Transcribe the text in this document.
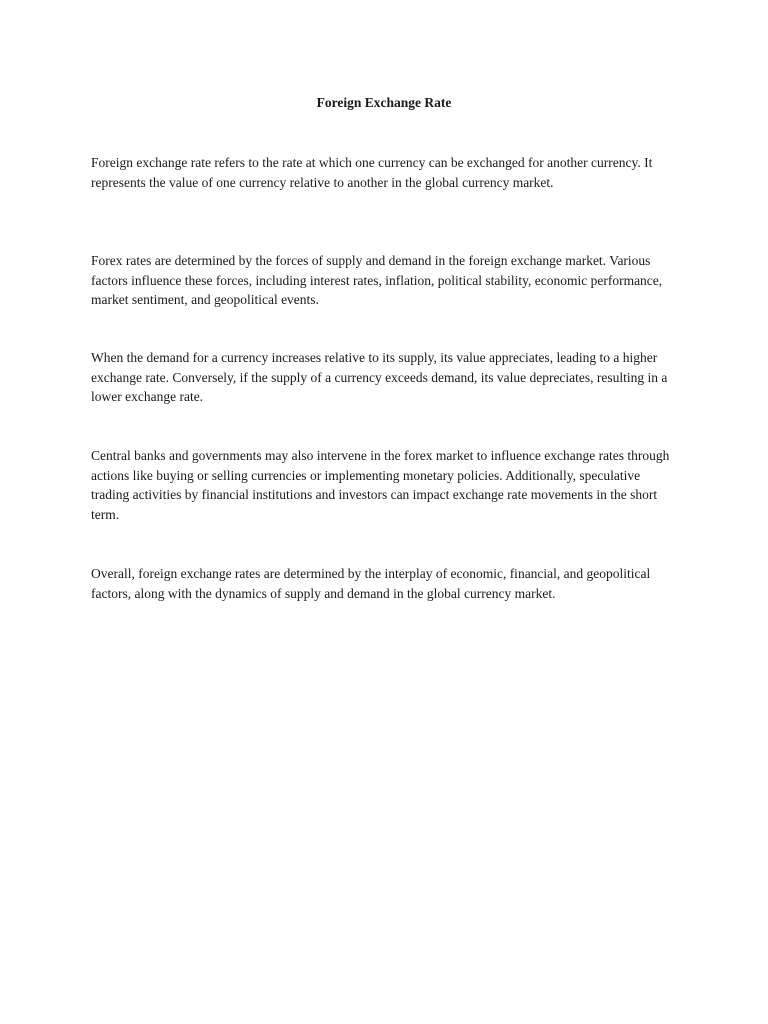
Foreign Exchange Rate

Foreign exchange rate refers to the rate at which one currency can be exchanged for another currency. It represents the value of one currency relative to another in the global currency market.

Forex rates are determined by the forces of supply and demand in the foreign exchange market. Various factors influence these forces, including interest rates, inflation, political stability, economic performance, market sentiment, and geopolitical events.

When the demand for a currency increases relative to its supply, its value appreciates, leading to a higher exchange rate. Conversely, if the supply of a currency exceeds demand, its value depreciates, resulting in a lower exchange rate.

Central banks and governments may also intervene in the forex market to influence exchange rates through actions like buying or selling currencies or implementing monetary policies. Additionally, speculative trading activities by financial institutions and investors can impact exchange rate movements in the short term.

Overall, foreign exchange rates are determined by the interplay of economic, financial, and geopolitical factors, along with the dynamics of supply and demand in the global currency market.
